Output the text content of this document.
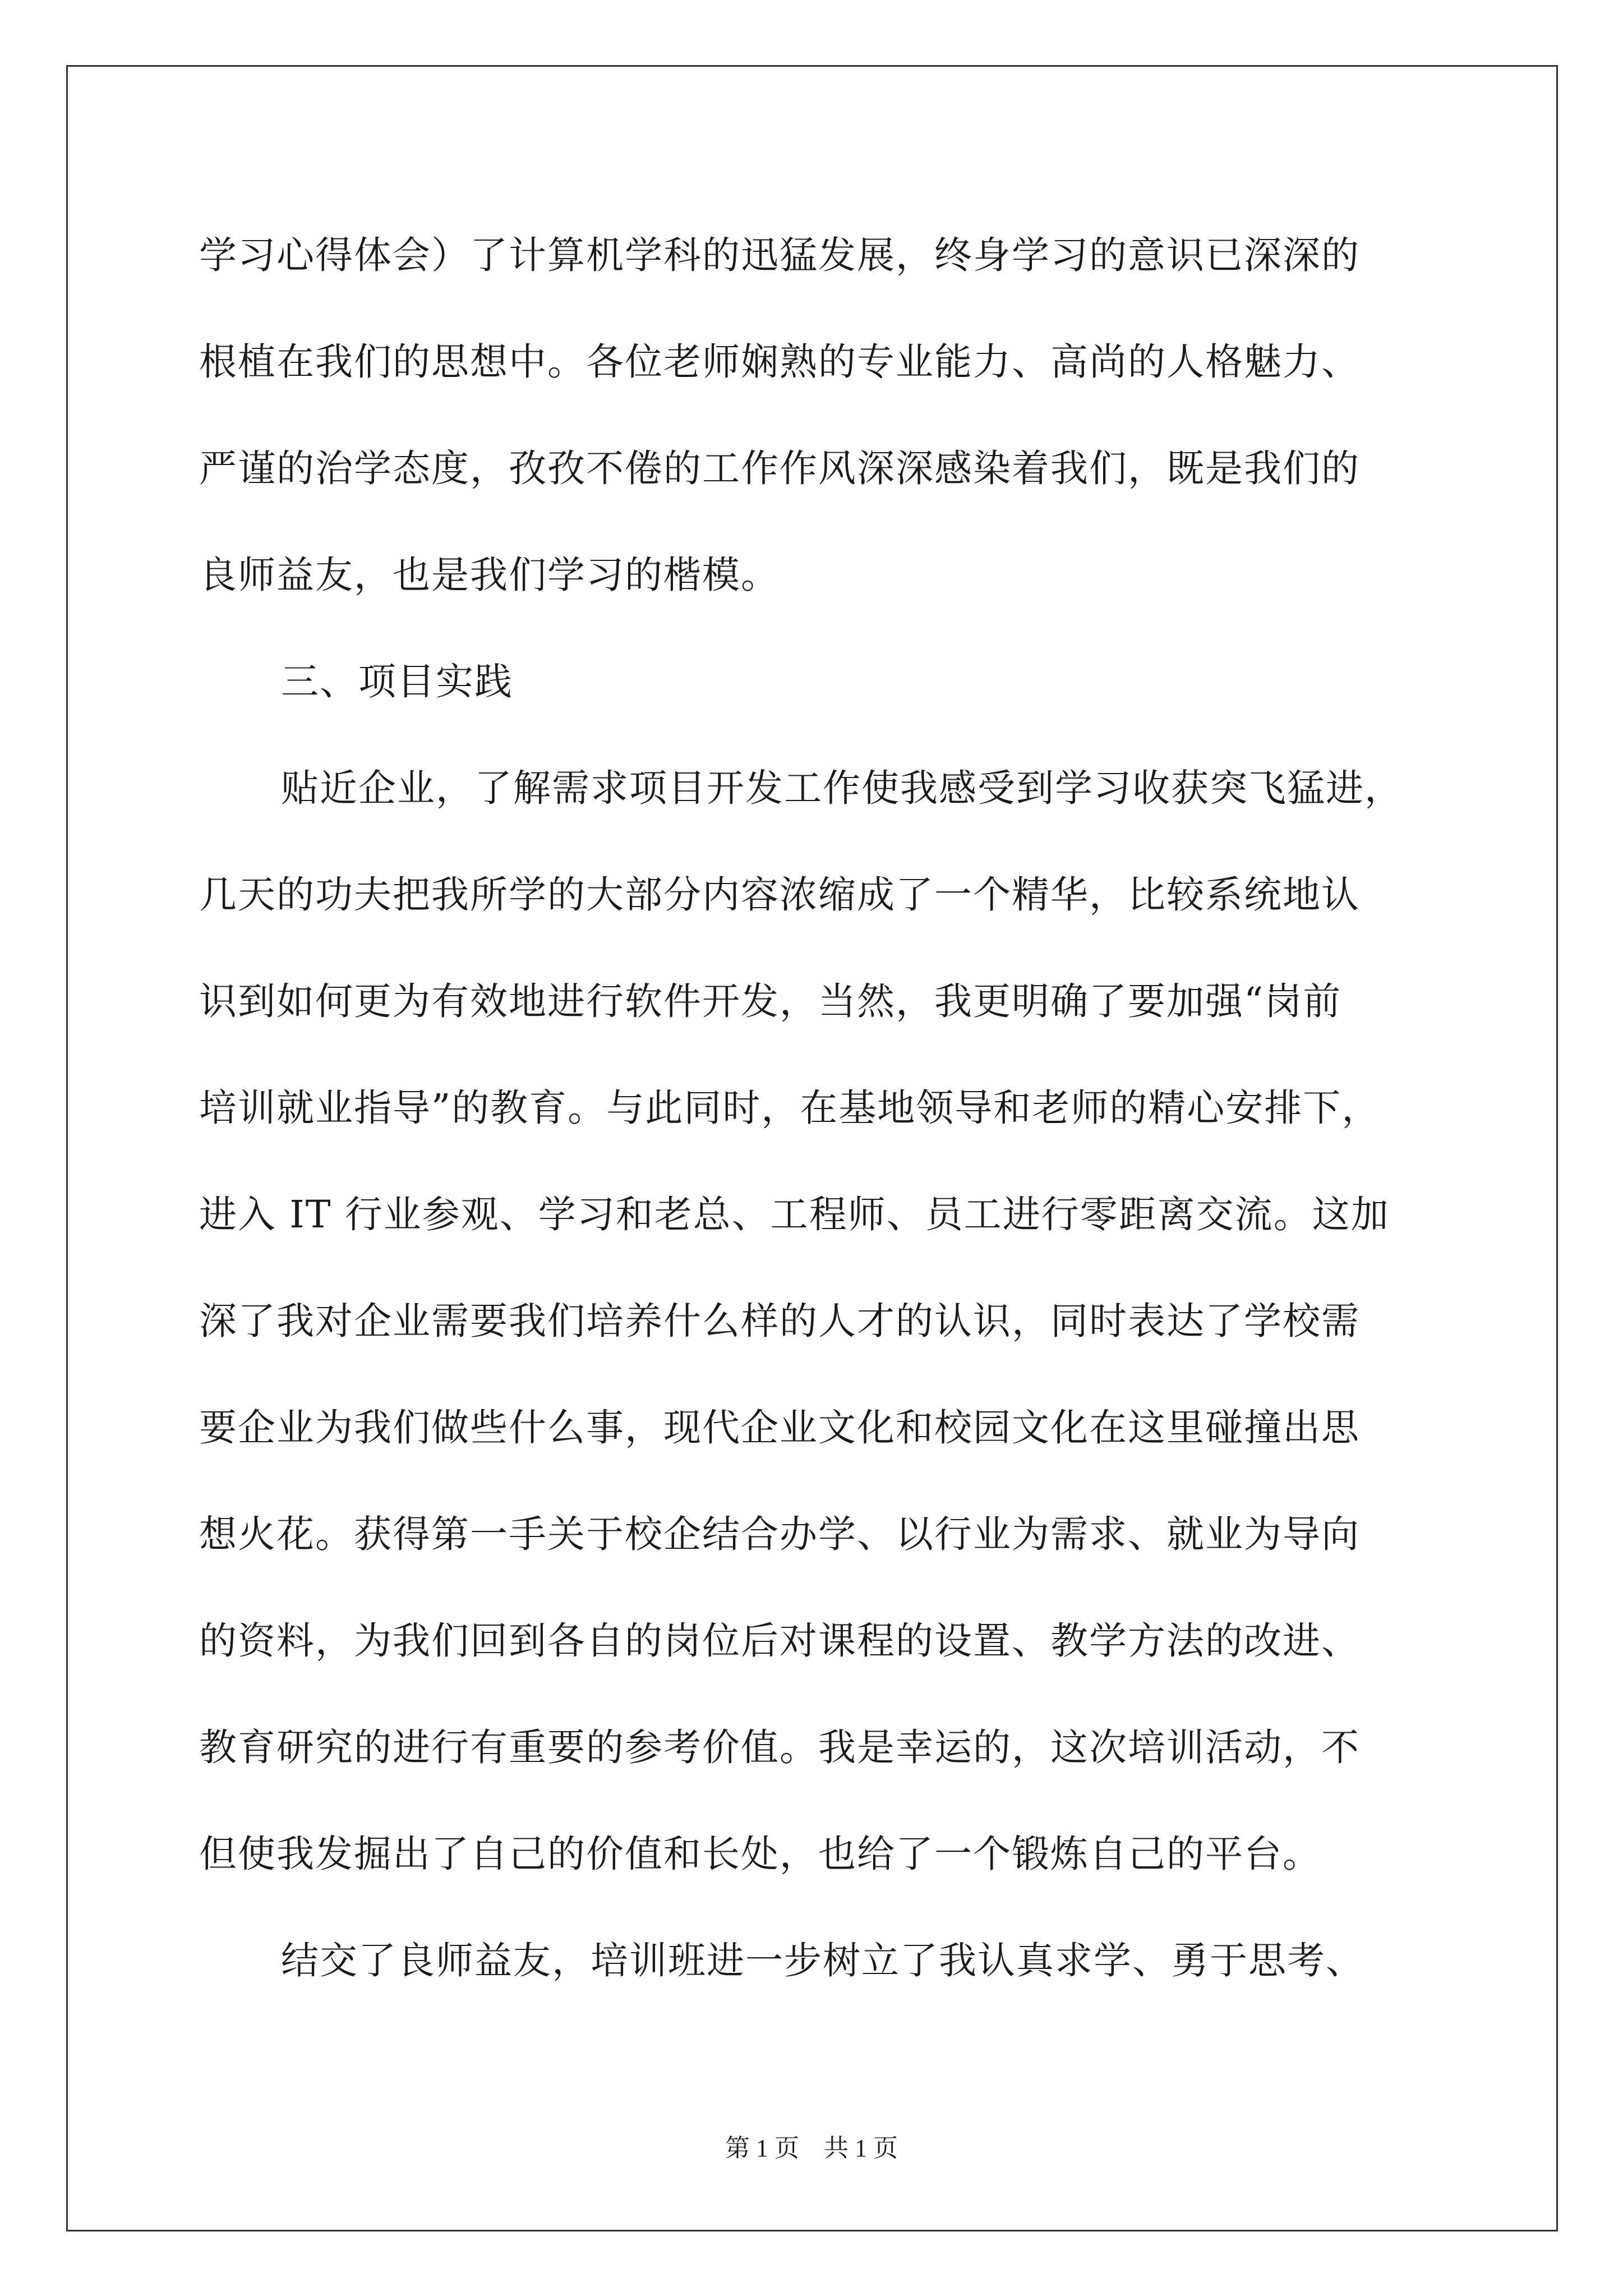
学习心得体会）了计算机学科的迅猛发展，终身学习的意识已深深的
根植在我们的思想中。各位老师娴熟的专业能力、高尚的人格魅力、
严谨的治学态度，孜孜不倦的工作作风深深感染着我们，既是我们的
良师益友，也是我们学习的楷模。
三、项目实践
贴近企业，了解需求项目开发工作使我感受到学习收获突飞猛进，
几天的功夫把我所学的大部分内容浓缩成了一个精华，比较系统地认
识到如何更为有效地进行软件开发，当然，我更明确了要加强“岗前
培训就业指导”的教育。与此同时，在基地领导和老师的精心安排下，
进入 IT 行业参观、学习和老总、工程师、员工进行零距离交流。这加
深了我对企业需要我们培养什么样的人才的认识，同时表达了学校需
要企业为我们做些什么事，现代企业文化和校园文化在这里碰撞出思
想火花。获得第一手关于校企结合办学、以行业为需求、就业为导向
的资料，为我们回到各自的岗位后对课程的设置、教学方法的改进、
教育研究的进行有重要的参考价值。我是幸运的，这次培训活动，不
但使我发掘出了自己的价值和长处，也给了一个锻炼自己的平台。
结交了良师益友，培训班进一步树立了我认真求学、勇于思考、
第 1 页　共 1 页
